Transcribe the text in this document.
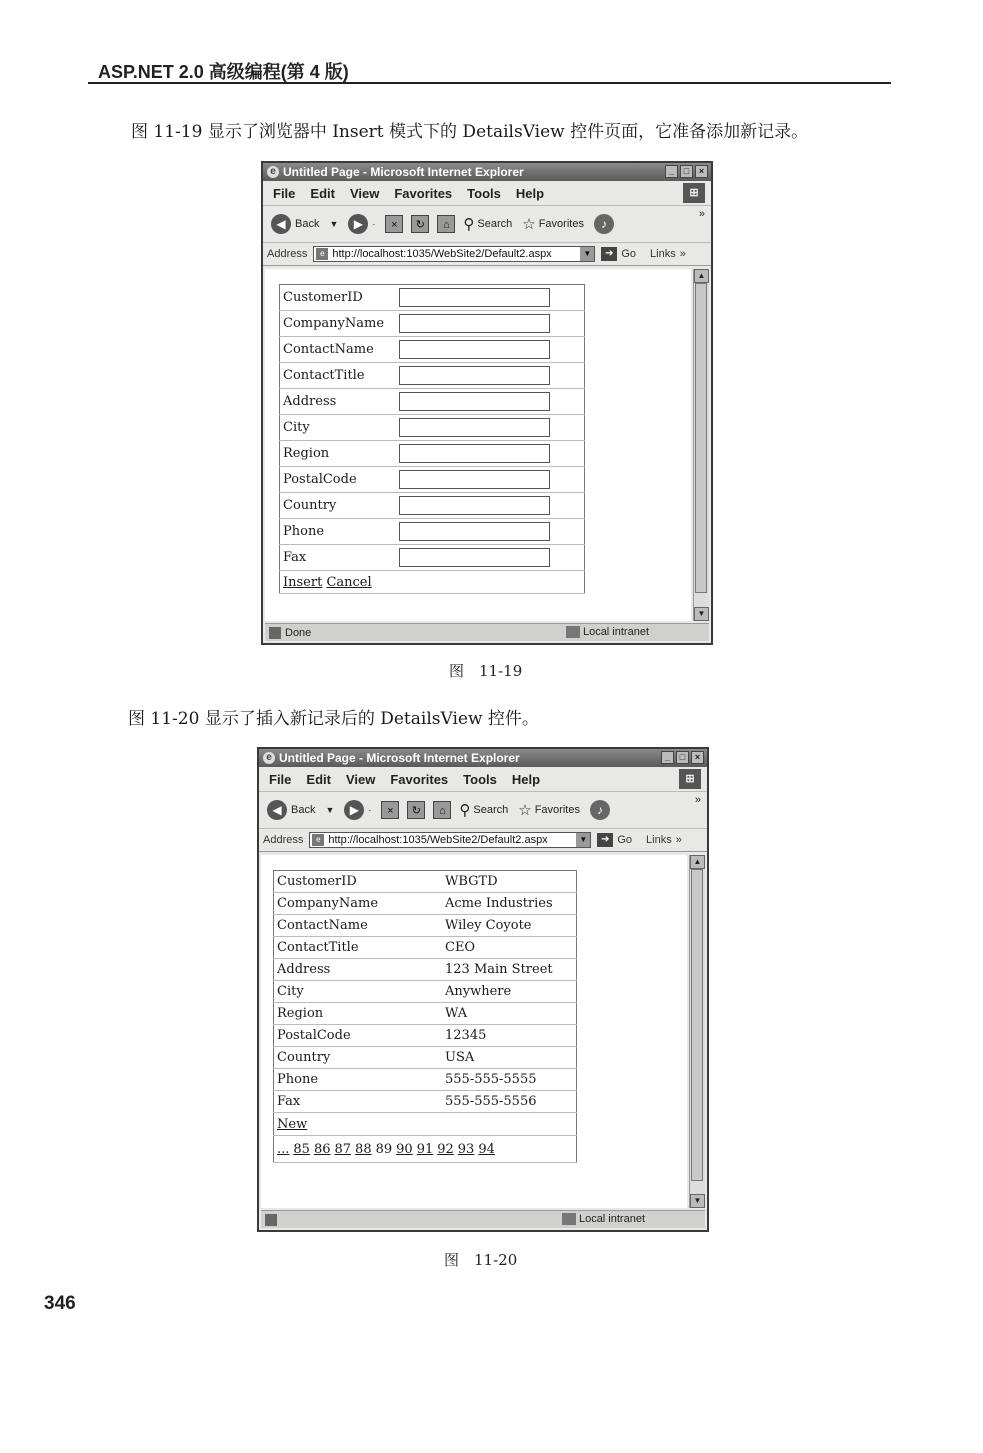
ASP.NET 2.0 高级编程(第 4 版)
图 11-19 显示了浏览器中 Insert 模式下的 DetailsView 控件页面，它准备添加新记录。
e Untitled Page - Microsoft Internet Explorer	_	□	×
File Edit View Favorites Tools Help	⊞
◀ Back ▼	▶	·	×	↻	⌂ ⚲ Search ☆ Favorites	♪
»
Address	e http://localhost:1035/WebSite2/Default2.aspx	▼	➔ Go Links »
CustomerID	

CompanyName	

ContactName	

ContactTitle	

Address	

City	

Region	

PostalCode	

Country	

Phone	

Fax	

Insert Cancel	
▲
▼
Done	Local intranet
图　11-19
图 11-20 显示了插入新记录后的 DetailsView 控件。
e Untitled Page - Microsoft Internet Explorer	_	□	×
File Edit View Favorites Tools Help	⊞
◀ Back ▼	▶	·	×	↻	⌂ ⚲ Search ☆ Favorites	♪
»
Address	e http://localhost:1035/WebSite2/Default2.aspx	▼	➔ Go Links »
CustomerID	WBGTD
CompanyName	Acme Industries
ContactName	Wiley Coyote
ContactTitle	CEO
Address	123 Main Street
City	Anywhere
Region	WA
PostalCode	12345
Country	USA
Phone	555-555-5555
Fax	555-555-5556
New	
... 85 86 87 88 89 90 91 92 93 94	
▲
▼
Local intranet
图　11-20
346
